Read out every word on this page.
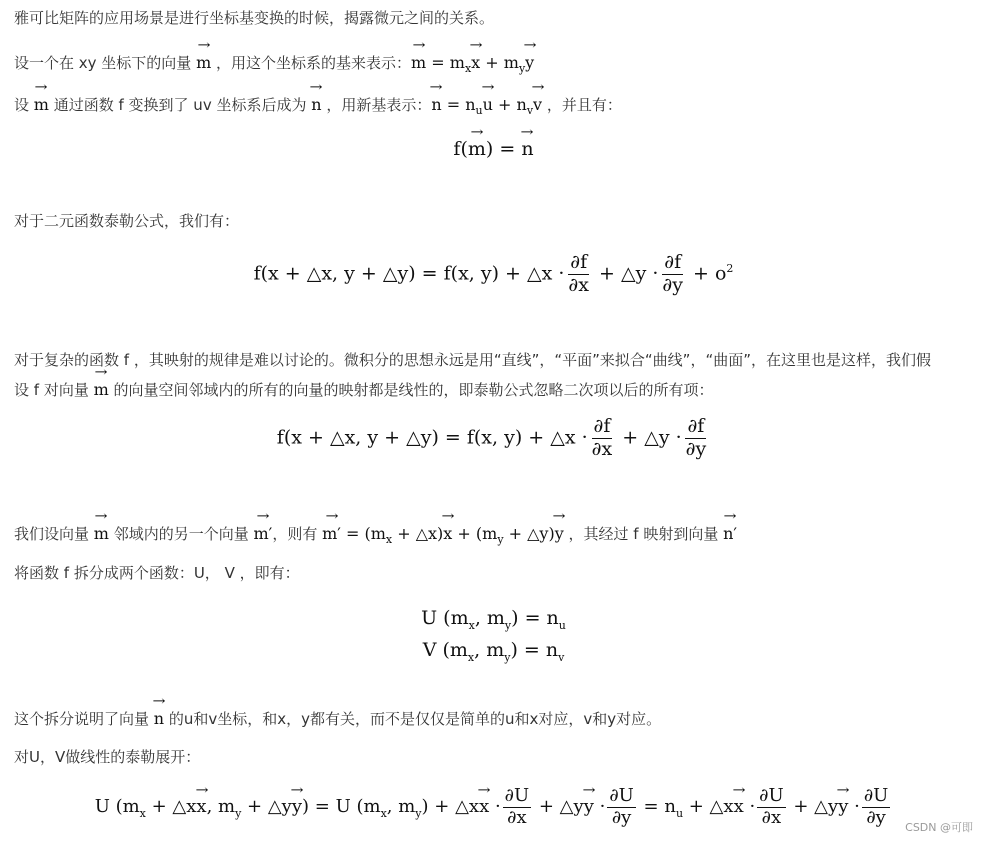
雅可比矩阵的应用场景是进行坐标基变换的时候，揭露微元之间的关系。

设一个在 xy 坐标下的向量 → m ，用这个坐标系的基来表示：→ $m = m_x\to x + m_y\to y$

设 → m 通过函数 f 变换到了 uv 坐标系后成为 → n ，用新基表示：→ $n = n_u\to u + n_v\to v$ ，并且有：

f(→ m) = → n

对于二元函数泰勒公式，我们有：

f(x + △x, y + △y) = f(x, y) + △x · $\frac{\partial f}{\partial x}$ + △y · $\frac{\partial f}{\partial y} + o^2$

对于复杂的函数 f ，其映射的规律是难以讨论的。微积分的思想永远是用“直线”，“平面”来拟合“曲线”，“曲面”，在这里也是这样，我们假

设 f 对向量 → m 的向量空间邻域内的所有的向量的映射都是线性的，即泰勒公式忽略二次项以后的所有项：

f(x + △x, y + △y) = f(x, y) + △x · $\frac{\partial f}{\partial x}$ + △y · $\frac{\partial f}{\partial y}$

我们设向量 → m 邻域内的另一个向量 → m′，则有 → $m' = (m_x$ + △x)→ $x + (m_y$ + △y)→ y ，其经过 f 映射到向量 → n′

将函数 f 拆分成两个函数：U， V ，即有：

U ($m_x$, $m_y) = n_u$
V ($m_x$, $m_y) = n_v$

这个拆分说明了向量 → n 的u和v坐标，和x，y都有关，而不是仅仅是简单的u和x对应，v和y对应。

对U，V做线性的泰勒展开：

U ($m_x$ + △x→ x, $m_y$ + △y→ y) = U ($m_x$, $m_y$) + △x→ $x \cdot \frac{\partial U}{\partial x}$ + △y→ $y \cdot \frac{\partial U}{\partial y} = n_u$ + △x→ $x \cdot \frac{\partial U}{\partial x}$ + △y→ $y \cdot \frac{\partial U}{\partial y}$ CSDN @可即
